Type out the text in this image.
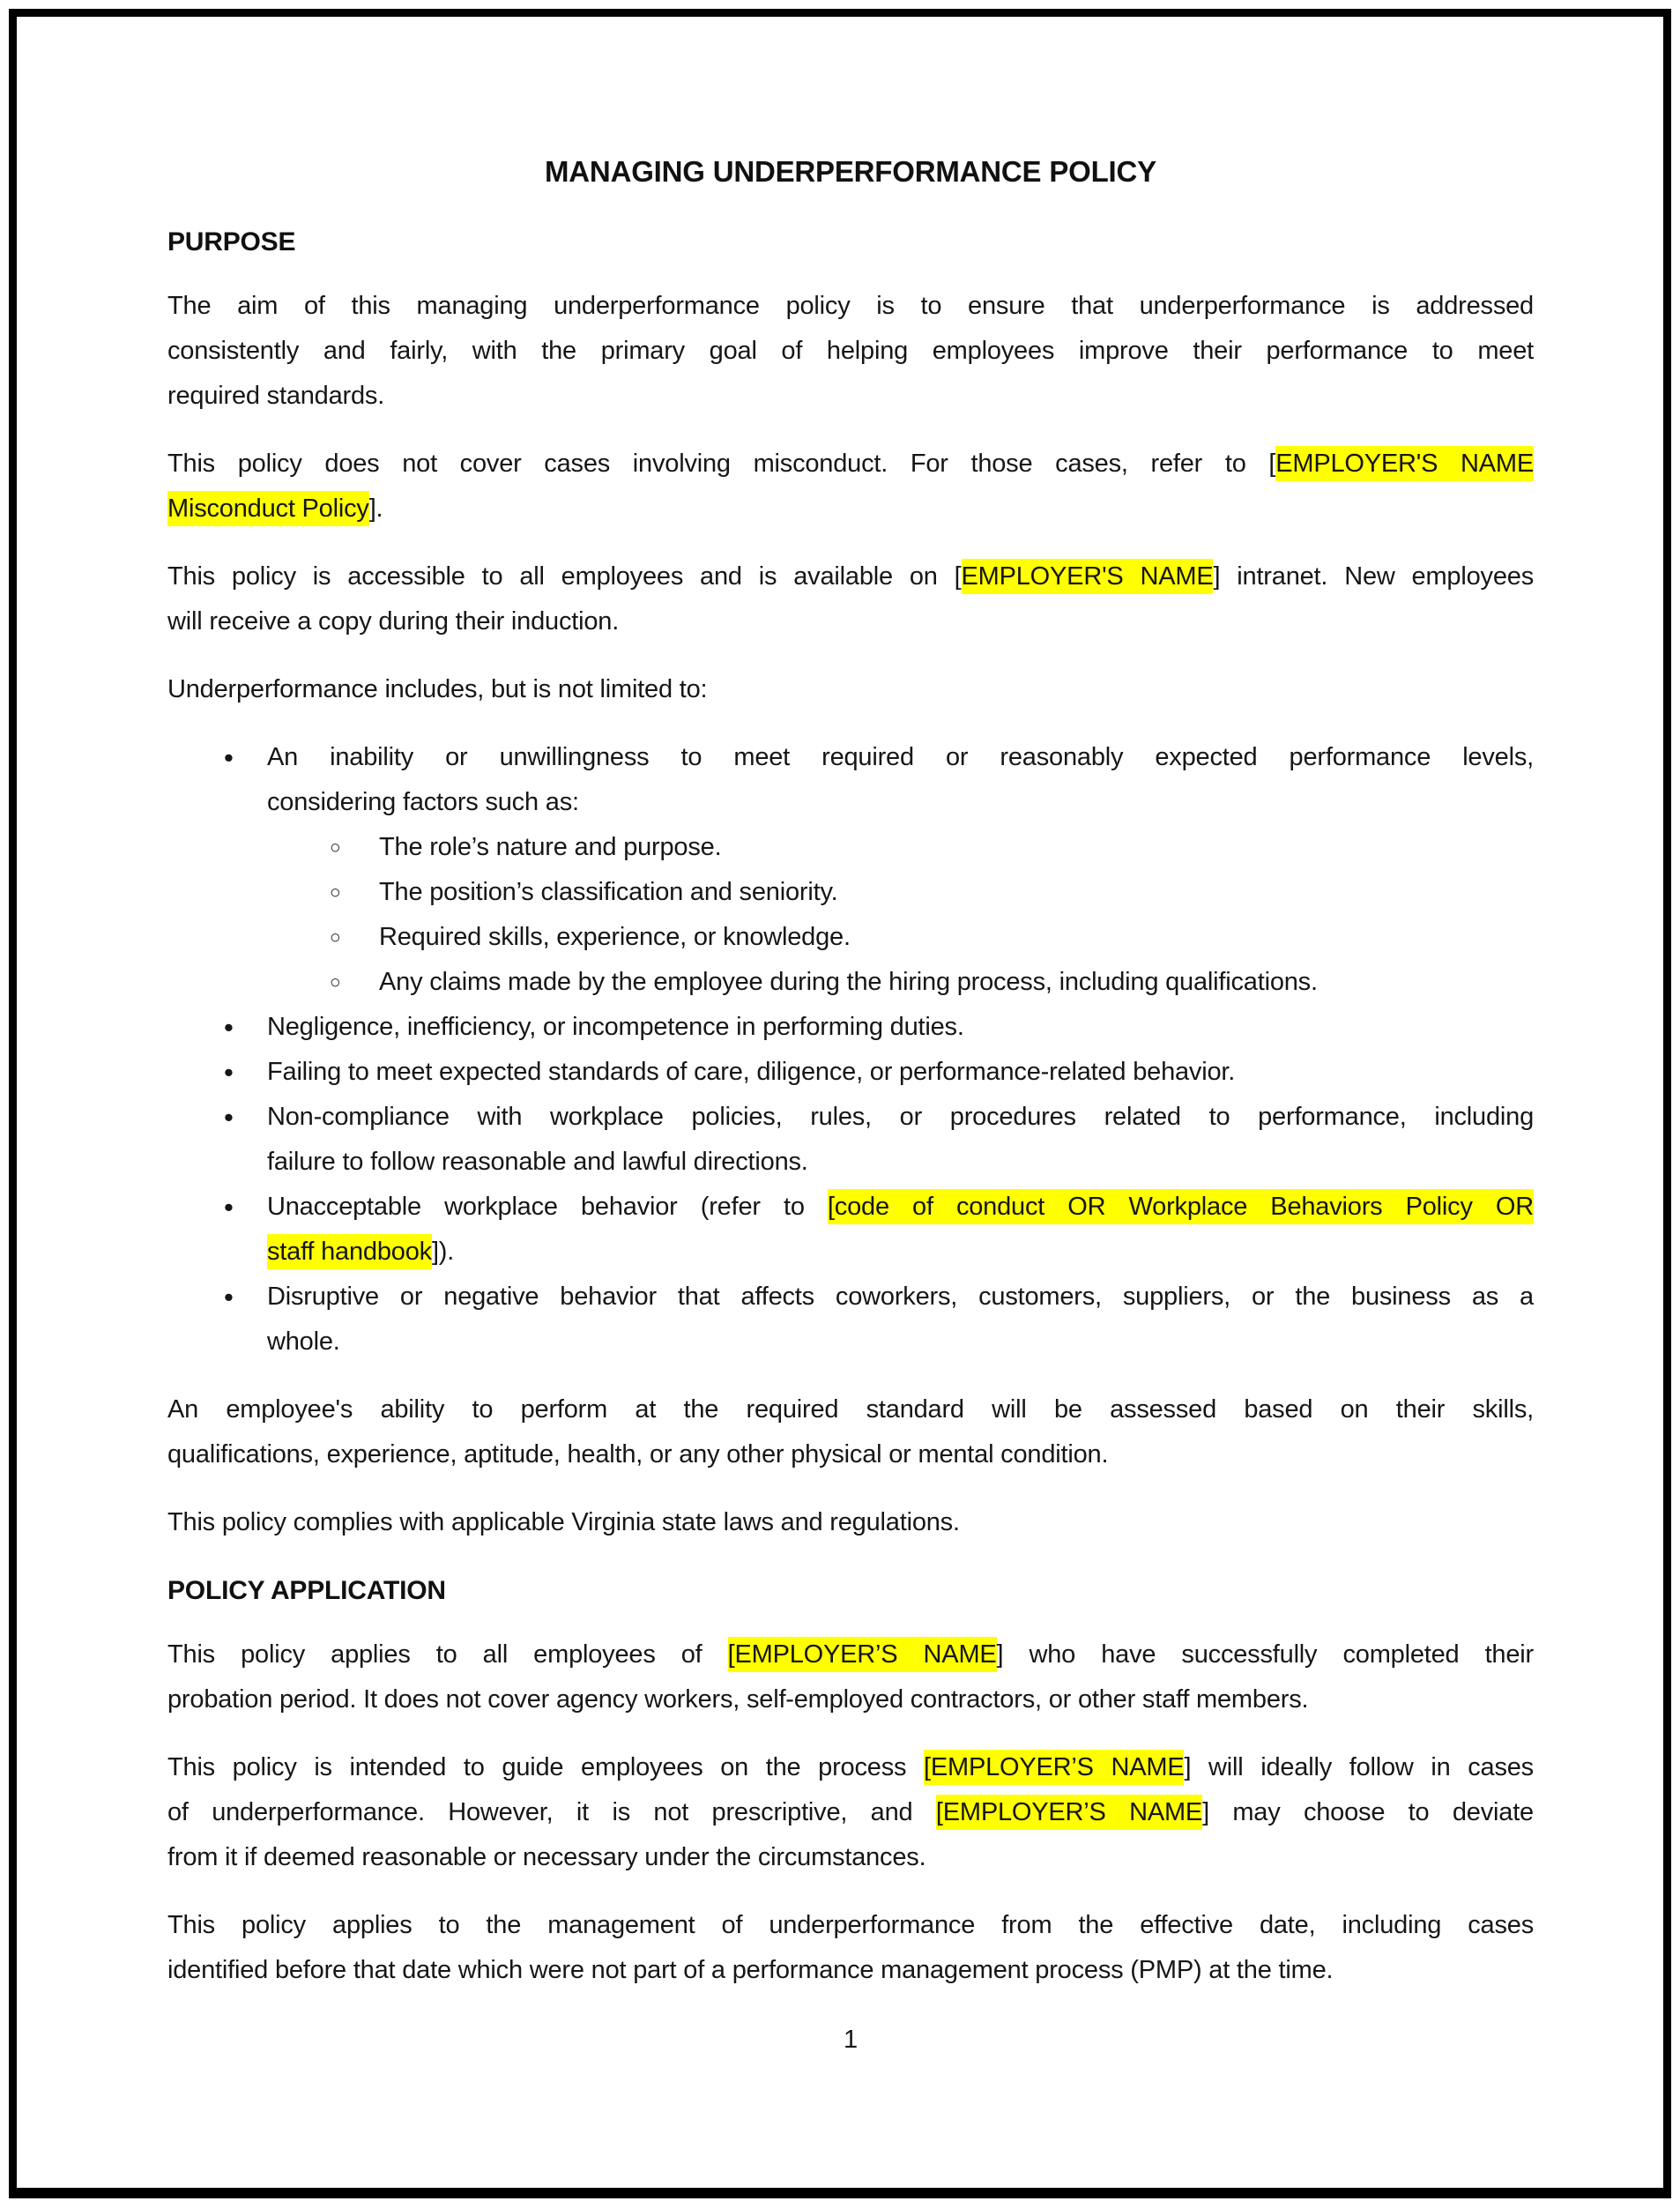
MANAGING UNDERPERFORMANCE POLICY
PURPOSE
The aim of this managing underperformance policy is to ensure that underperformance is addressed
consistently and fairly, with the primary goal of helping employees improve their performance to meet
required standards.
This policy does not cover cases involving misconduct. For those cases, refer to [EMPLOYER'S NAME
Misconduct Policy].
This policy is accessible to all employees and is available on [EMPLOYER'S NAME] intranet. New employees
will receive a copy during their induction.
Underperformance includes, but is not limited to:
• An inability or unwillingness to meet required or reasonably expected performance levels,
considering factors such as:
○ The role’s nature and purpose.
○ The position’s classification and seniority.
○ Required skills, experience, or knowledge.
○ Any claims made by the employee during the hiring process, including qualifications.
• Negligence, inefficiency, or incompetence in performing duties.
• Failing to meet expected standards of care, diligence, or performance-related behavior.
• Non-compliance with workplace policies, rules, or procedures related to performance, including
failure to follow reasonable and lawful directions.
• Unacceptable workplace behavior (refer to [code of conduct OR Workplace Behaviors Policy OR
staff handbook]).
• Disruptive or negative behavior that affects coworkers, customers, suppliers, or the business as a
whole.
An employee's ability to perform at the required standard will be assessed based on their skills,
qualifications, experience, aptitude, health, or any other physical or mental condition.
This policy complies with applicable Virginia state laws and regulations.
POLICY APPLICATION
This policy applies to all employees of [EMPLOYER’S NAME] who have successfully completed their
probation period. It does not cover agency workers, self-employed contractors, or other staff members.
This policy is intended to guide employees on the process [EMPLOYER’S NAME] will ideally follow in cases
of underperformance. However, it is not prescriptive, and [EMPLOYER’S NAME] may choose to deviate
from it if deemed reasonable or necessary under the circumstances.
This policy applies to the management of underperformance from the effective date, including cases
identified before that date which were not part of a performance management process (PMP) at the time.
1
